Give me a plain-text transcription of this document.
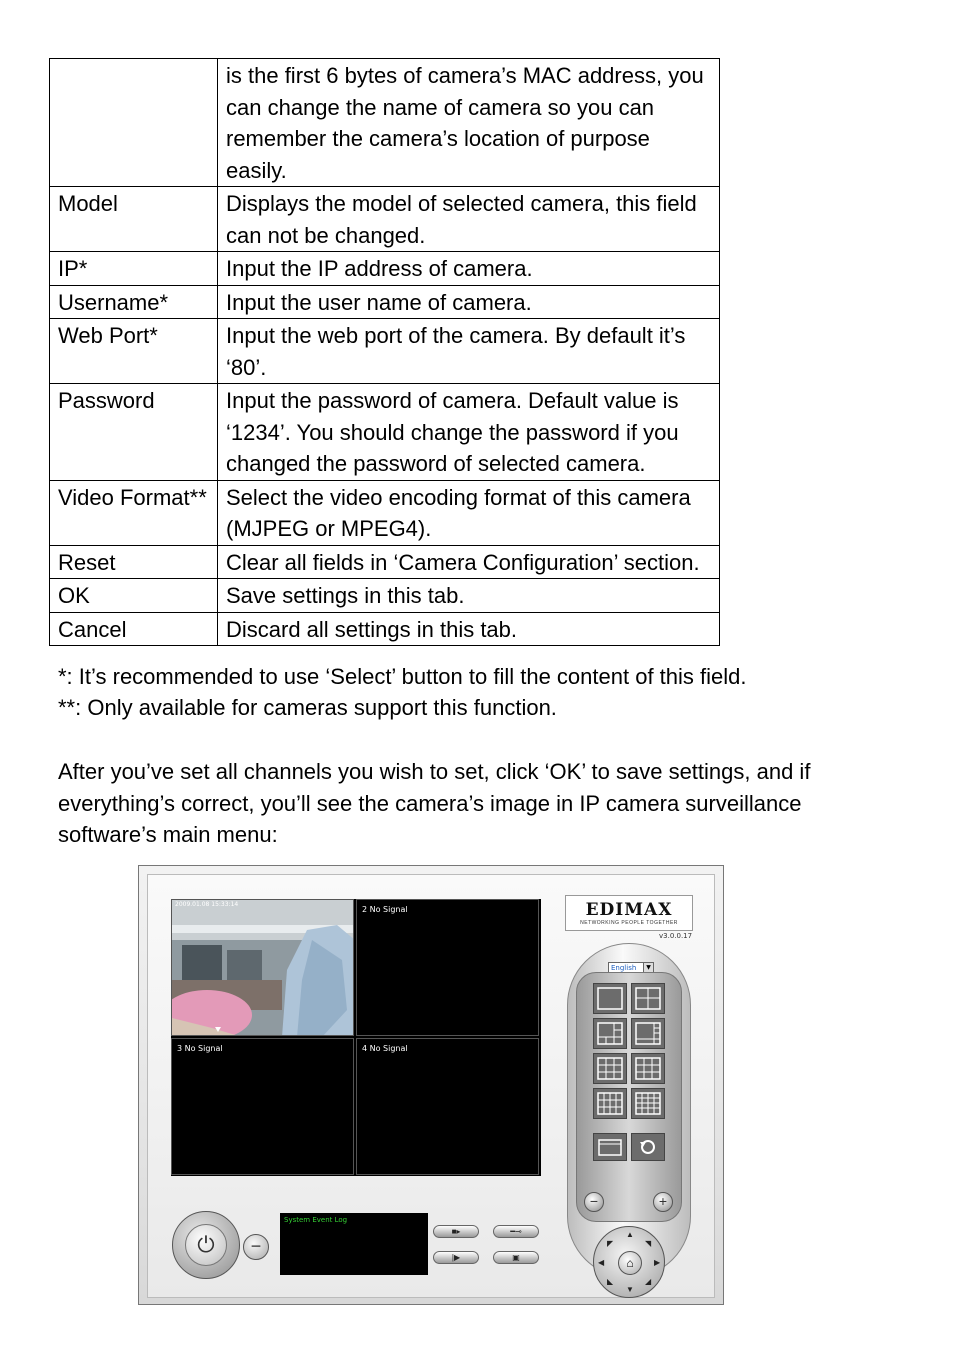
	is the first 6 bytes of camera’s MAC address, you can change the name of camera so you can remember the camera’s location of purpose easily.
Model	Displays the model of selected camera, this field can not be changed.
IP*	Input the IP address of camera.
Username*	Input the user name of camera.
Web Port*	Input the web port of the camera. By default it’s ‘80’.
Password	Input the password of camera. Default value is ‘1234’. You should change the password if you changed the password of selected camera.
Video Format**	Select the video encoding format of this camera (MJPEG or MPEG4).
Reset	Clear all fields in ‘Camera Configuration’ section.
OK	Save settings in this tab.
Cancel	Discard all settings in this tab.
*: It’s recommended to use ‘Select’ button to fill the content of this field.
**: Only available for cameras support this function.
After you’ve set all channels you wish to set, click ‘OK’ to save settings, and if everything’s correct, you’ll see the camera’s image in IP camera surveillance software’s main menu:
2009.01.08 15:33:14
2 No Signal
3 No Signal	4 No Signal
⏻	−
System Event Log
■▸	━⊸
|▶	▣
EDIMAX
NETWORKING PEOPLE TOGETHER
v3.0.0.17
English	▼
−	+
▲
▼
◀	▶
◤	◥
◣	◢
⌂
